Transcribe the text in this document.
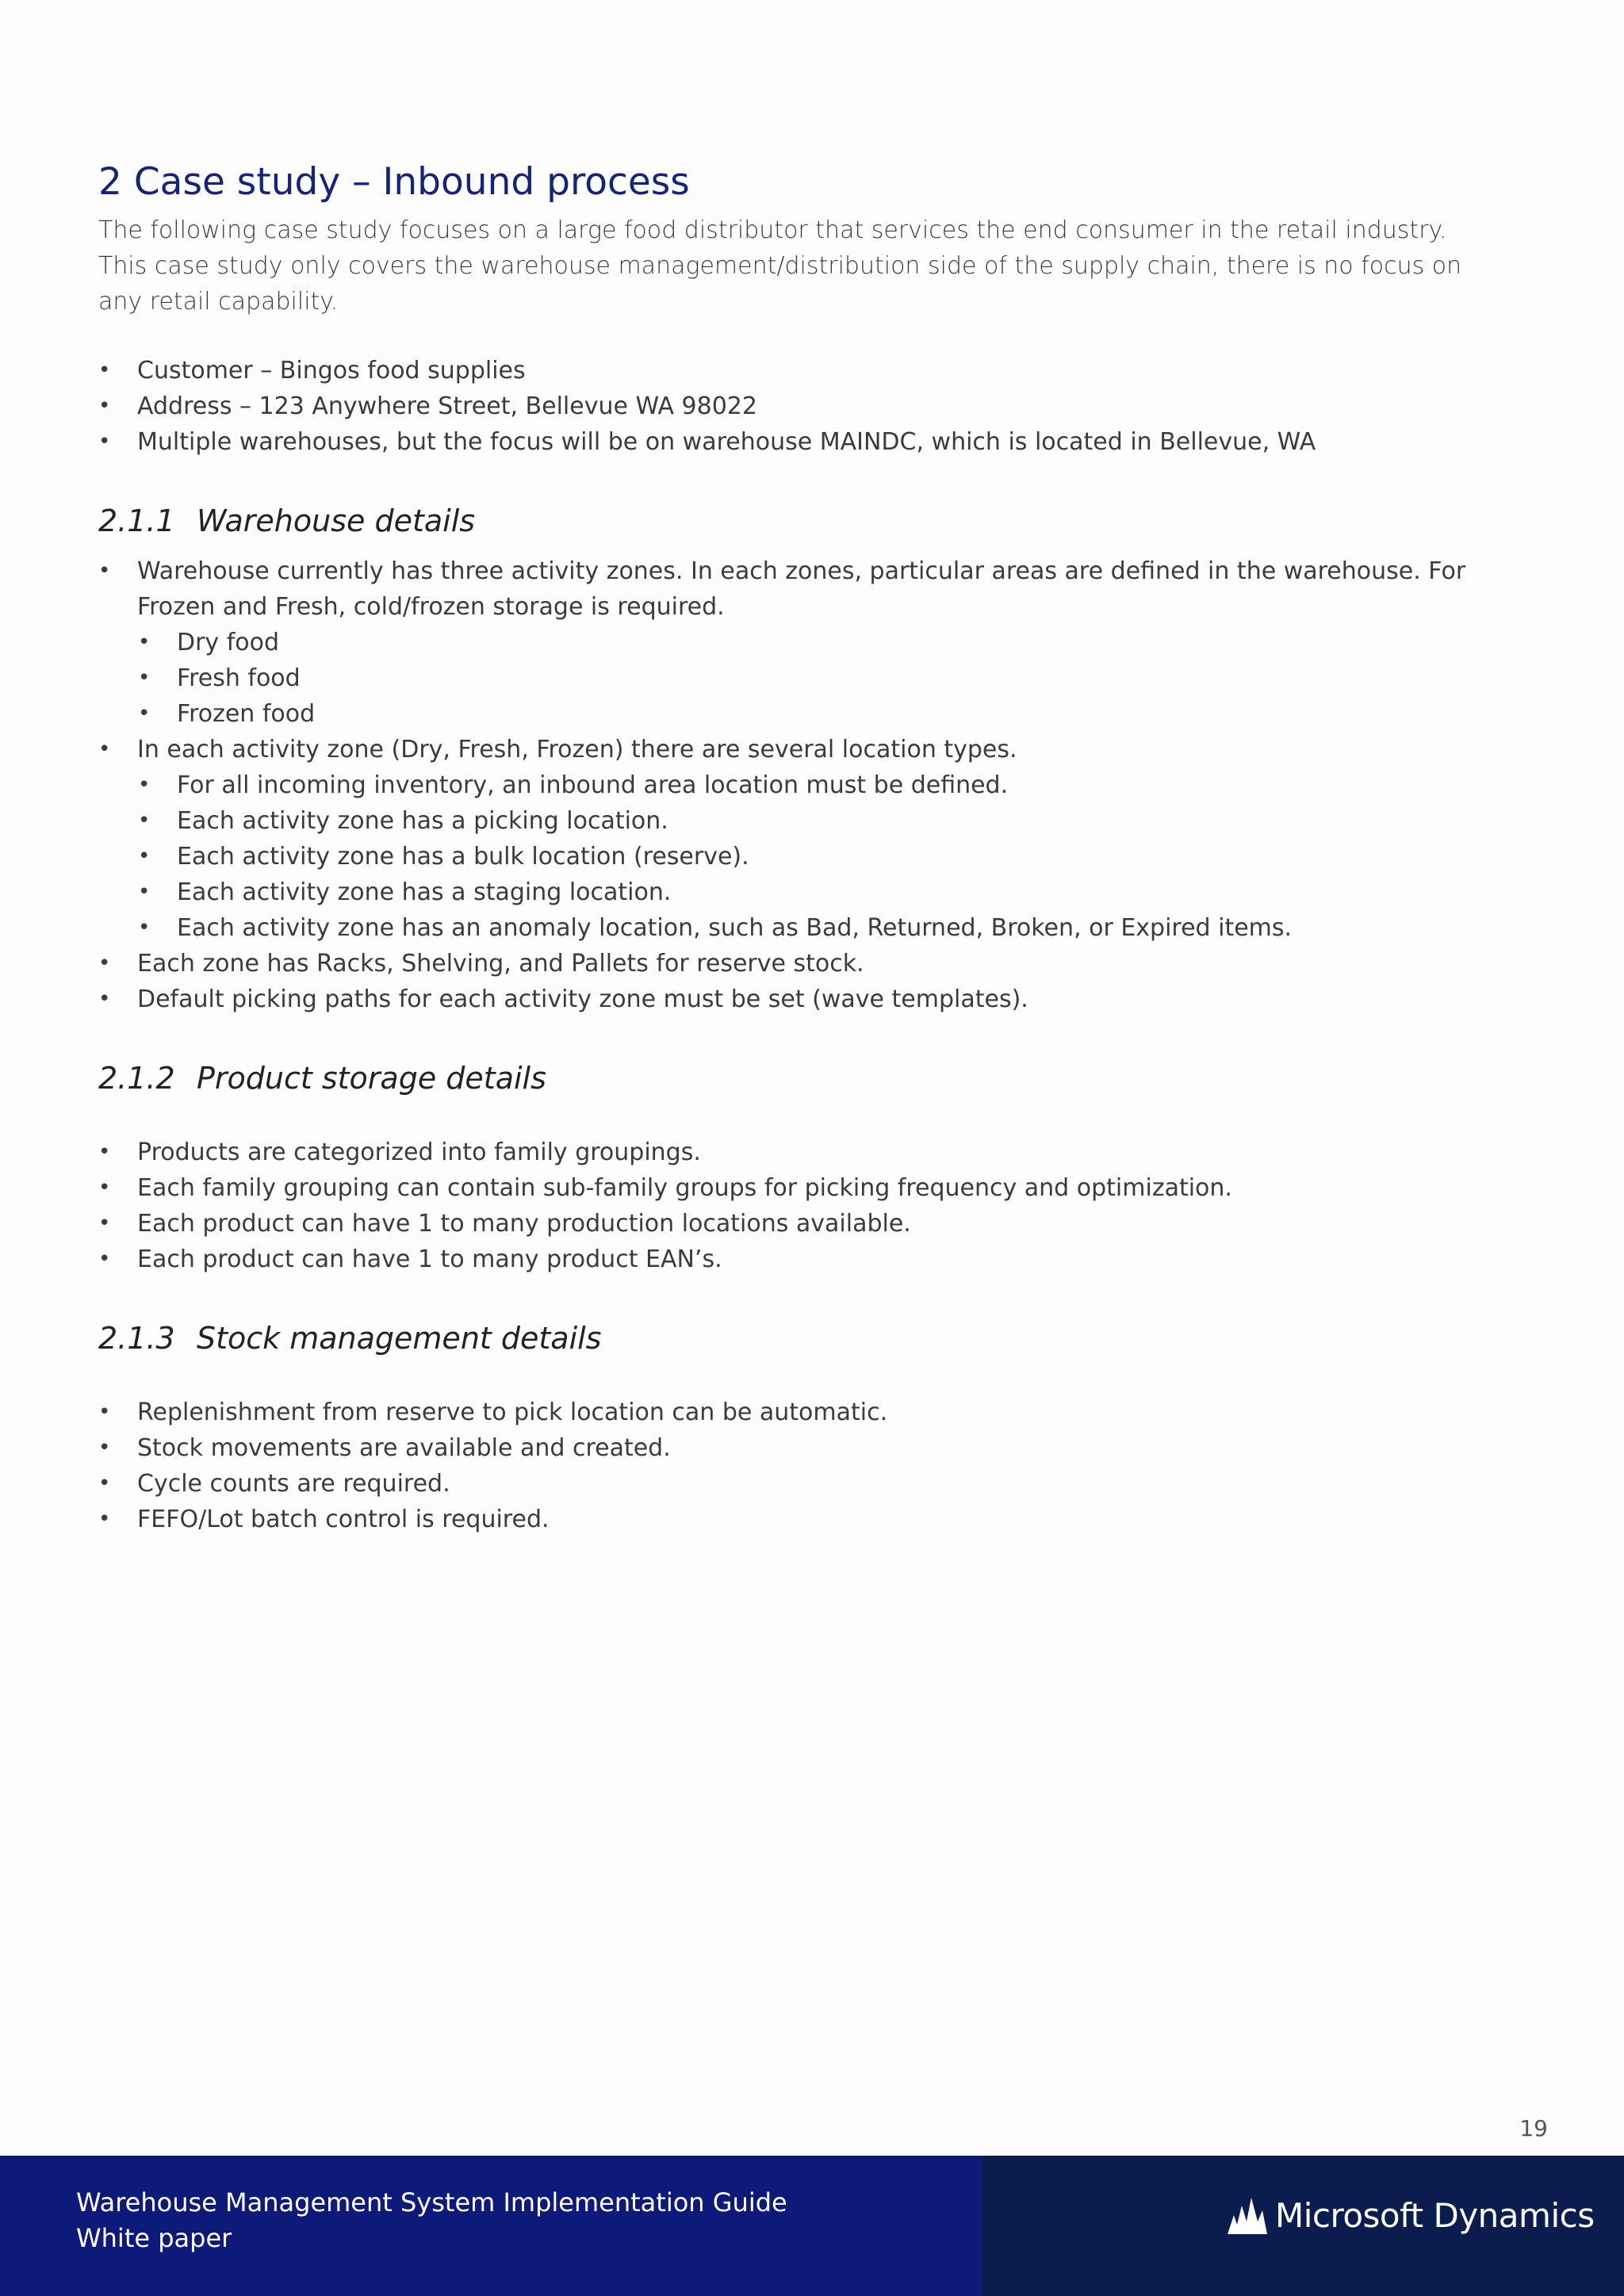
2 Case study – Inbound process

The following case study focuses on a large food distributor that services the end consumer in the retail industry. This case study only covers the warehouse management/distribution side of the supply chain, there is no focus on any retail capability.

• Customer – Bingos food supplies
• Address – 123 Anywhere Street, Bellevue WA 98022
• Multiple warehouses, but the focus will be on warehouse MAINDC, which is located in Bellevue, WA
2.1.1 Warehouse details
• Warehouse currently has three activity zones. In each zones, particular areas are defined in the warehouse. For Frozen and Fresh, cold/frozen storage is required.
• Dry food
• Fresh food
• Frozen food
• In each activity zone (Dry, Fresh, Frozen) there are several location types.
• For all incoming inventory, an inbound area location must be defined.
• Each activity zone has a picking location.
• Each activity zone has a bulk location (reserve).
• Each activity zone has a staging location.
• Each activity zone has an anomaly location, such as Bad, Returned, Broken, or Expired items.
• Each zone has Racks, Shelving, and Pallets for reserve stock.
• Default picking paths for each activity zone must be set (wave templates).
2.1.2 Product storage details
• Products are categorized into family groupings.
• Each family grouping can contain sub-family groups for picking frequency and optimization.
• Each product can have 1 to many production locations available.
• Each product can have 1 to many product EAN’s.
2.1.3 Stock management details
• Replenishment from reserve to pick location can be automatic.
• Stock movements are available and created.
• Cycle counts are required.
• FEFO/Lot batch control is required.
19
Warehouse Management System Implementation Guide
White paper
Microsoft Dynamics
